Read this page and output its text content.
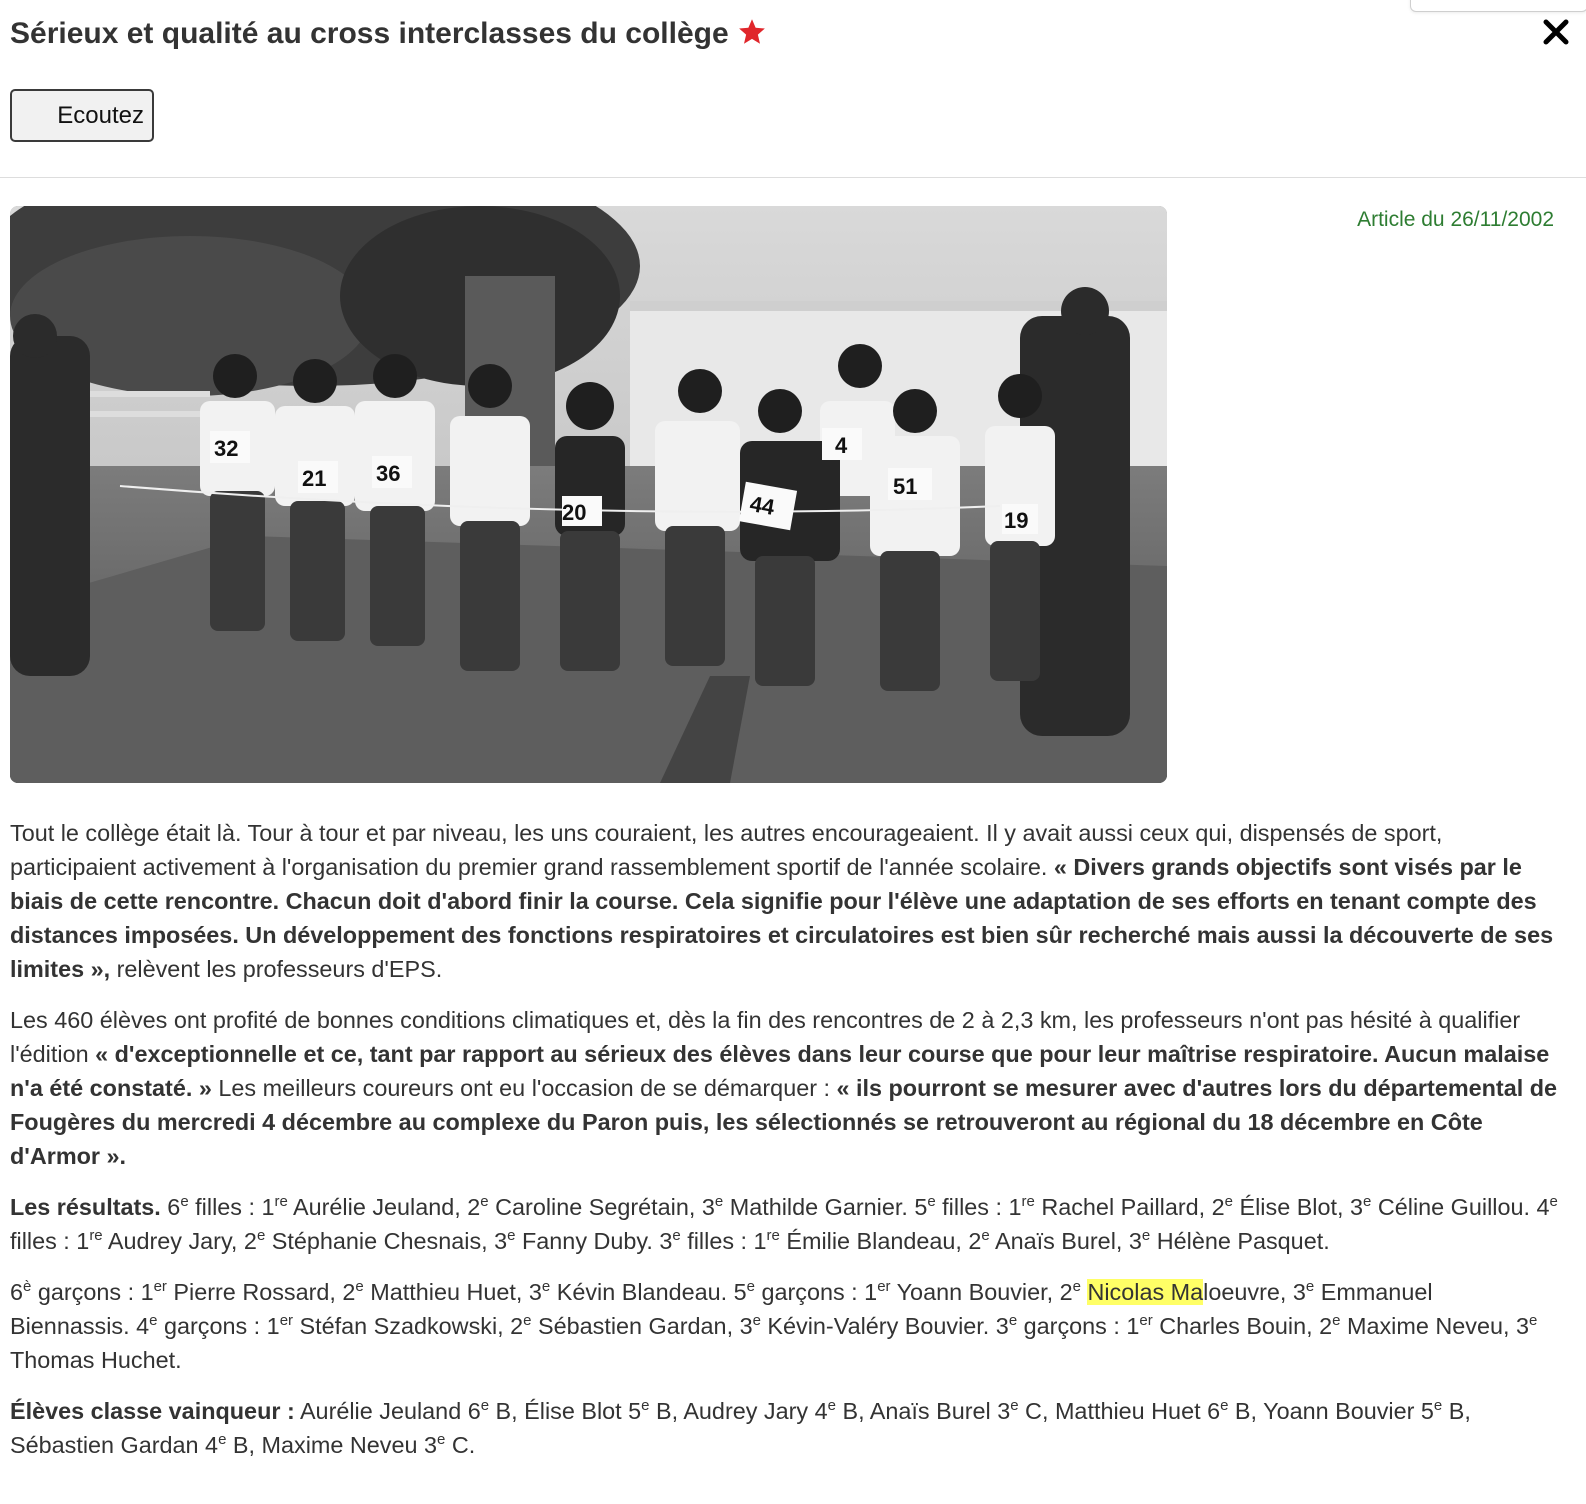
Sérieux et qualité au cross interclasses du collège
Ecoutez
32
21 36
44
4
51
19
20
Article du 26/11/2002

Tout le collège était là. Tour à tour et par niveau, les uns couraient, les autres encourageaient. Il y avait aussi ceux qui, dispensés de sport, participaient activement à l'organisation du premier grand rassemblement sportif de l'année scolaire. « Divers grands objectifs sont visés par le biais de cette rencontre. Chacun doit d'abord finir la course. Cela signifie pour l'élève une adaptation de ses efforts en tenant compte des distances imposées. Un développement des fonctions respiratoires et circulatoires est bien sûr recherché mais aussi la découverte de ses limites », relèvent les professeurs d'EPS.

Les 460 élèves ont profité de bonnes conditions climatiques et, dès la fin des rencontres de 2 à 2,3 km, les professeurs n'ont pas hésité à qualifier l'édition « d'exceptionnelle et ce, tant par rapport au sérieux des élèves dans leur course que pour leur maîtrise respiratoire. Aucun malaise n'a été constaté. » Les meilleurs coureurs ont eu l'occasion de se démarquer : « ils pourront se mesurer avec d'autres lors du départemental de Fougères du mercredi 4 décembre au complexe du Paron puis, les sélectionnés se retrouveront au régional du 18 décembre en Côte d'Armor ».

Les résultats. 6e filles : 1re Aurélie Jeuland, 2e Caroline Segrétain, 3e Mathilde Garnier. 5e filles : 1re Rachel Paillard, 2e Élise Blot, 3e Céline Guillou. 4e filles : 1re Audrey Jary, 2e Stéphanie Chesnais, 3e Fanny Duby. 3e filles : 1re Émilie Blandeau, 2e Anaïs Burel, 3e Hélène Pasquet.

$6^è$ garçons : 1er Pierre Rossard, 2e Matthieu Huet, 3e Kévin Blandeau. 5e garçons : 1er Yoann Bouvier, 2e Nicolas Maloeuvre, 3e Emmanuel Biennassis. 4e garçons : 1er Stéfan Szadkowski, 2e Sébastien Gardan, 3e Kévin-Valéry Bouvier. 3e garçons : 1er Charles Bouin, 2e Maxime Neveu, 3e Thomas Huchet.

Élèves classe vainqueur : Aurélie Jeuland 6e B, Élise Blot 5e B, Audrey Jary 4e B, Anaïs Burel 3e C, Matthieu Huet 6e B, Yoann Bouvier 5e B, Sébastien Gardan 4e B, Maxime Neveu 3e C.
